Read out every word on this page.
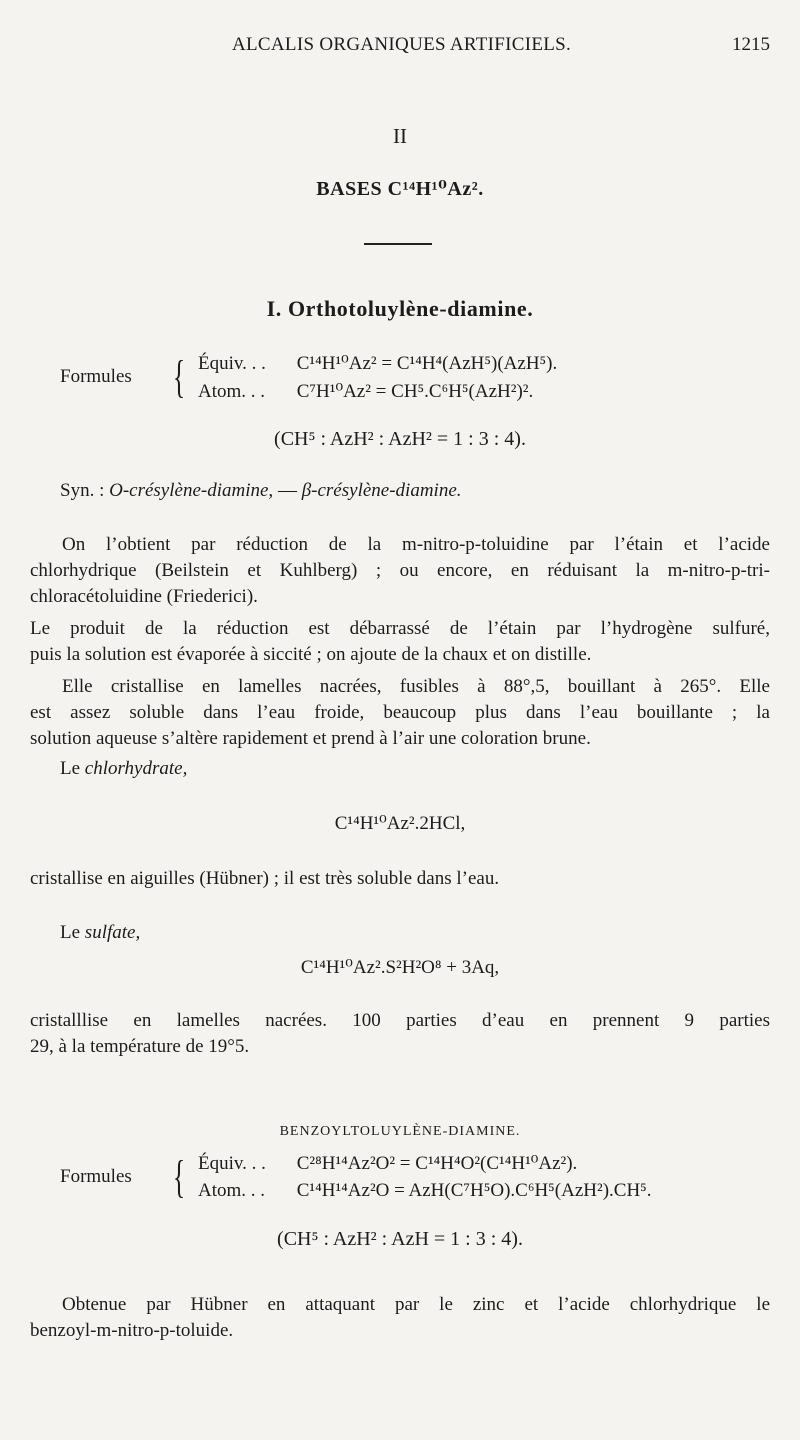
ALCALIS ORGANIQUES ARTIFICIELS.	1215
II
BASES C¹⁴H¹⁰Az².
I. Orthotoluylène-diamine.
Formules { Équiv. . . C¹⁴H¹⁰Az² = C¹⁴H⁴(AzH⁵)(AzH⁵).
Atom. . . C⁷H¹⁰Az² = CH⁵.C⁶H⁵(AzH²)².
(CH⁵ : AzH² : AzH² = 1 : 3 : 4).
Syn. : O-crésylène-diamine, — β-crésylène-diamine.
On l’obtient par réduction de la m-nitro-p-toluidine par l’étain et l’acide
chlorhydrique (Beilstein et Kuhlberg) ; ou encore, en réduisant la m-nitro-p-tri-
chloracétoluidine (Friederici).
Le produit de la réduction est débarrassé de l’étain par l’hydrogène sulfuré,
puis la solution est évaporée à siccité ; on ajoute de la chaux et on distille.
Elle cristallise en lamelles nacrées, fusibles à 88°,5, bouillant à 265°. Elle
est assez soluble dans l’eau froide, beaucoup plus dans l’eau bouillante ; la
solution aqueuse s’altère rapidement et prend à l’air une coloration brune.
Le chlorhydrate,
C¹⁴H¹⁰Az².2HCl,
cristallise en aiguilles (Hübner) ; il est très soluble dans l’eau.
Le sulfate,
C¹⁴H¹⁰Az².S²H²O⁸ + 3Aq,
cristalllise en lamelles nacrées. 100 parties d’eau en prennent 9 parties
29, à la température de 19°5.
BENZOYLTOLUYLÈNE-DIAMINE.
Formules { Équiv. . . C²⁸H¹⁴Az²O² = C¹⁴H⁴O²(C¹⁴H¹⁰Az²).
Atom. . . C¹⁴H¹⁴Az²O = AzH(C⁷H⁵O).C⁶H⁵(AzH²).CH⁵.
(CH⁵ : AzH² : AzH = 1 : 3 : 4).
Obtenue par Hübner en attaquant par le zinc et l’acide chlorhydrique le
benzoyl-m-nitro-p-toluide.
